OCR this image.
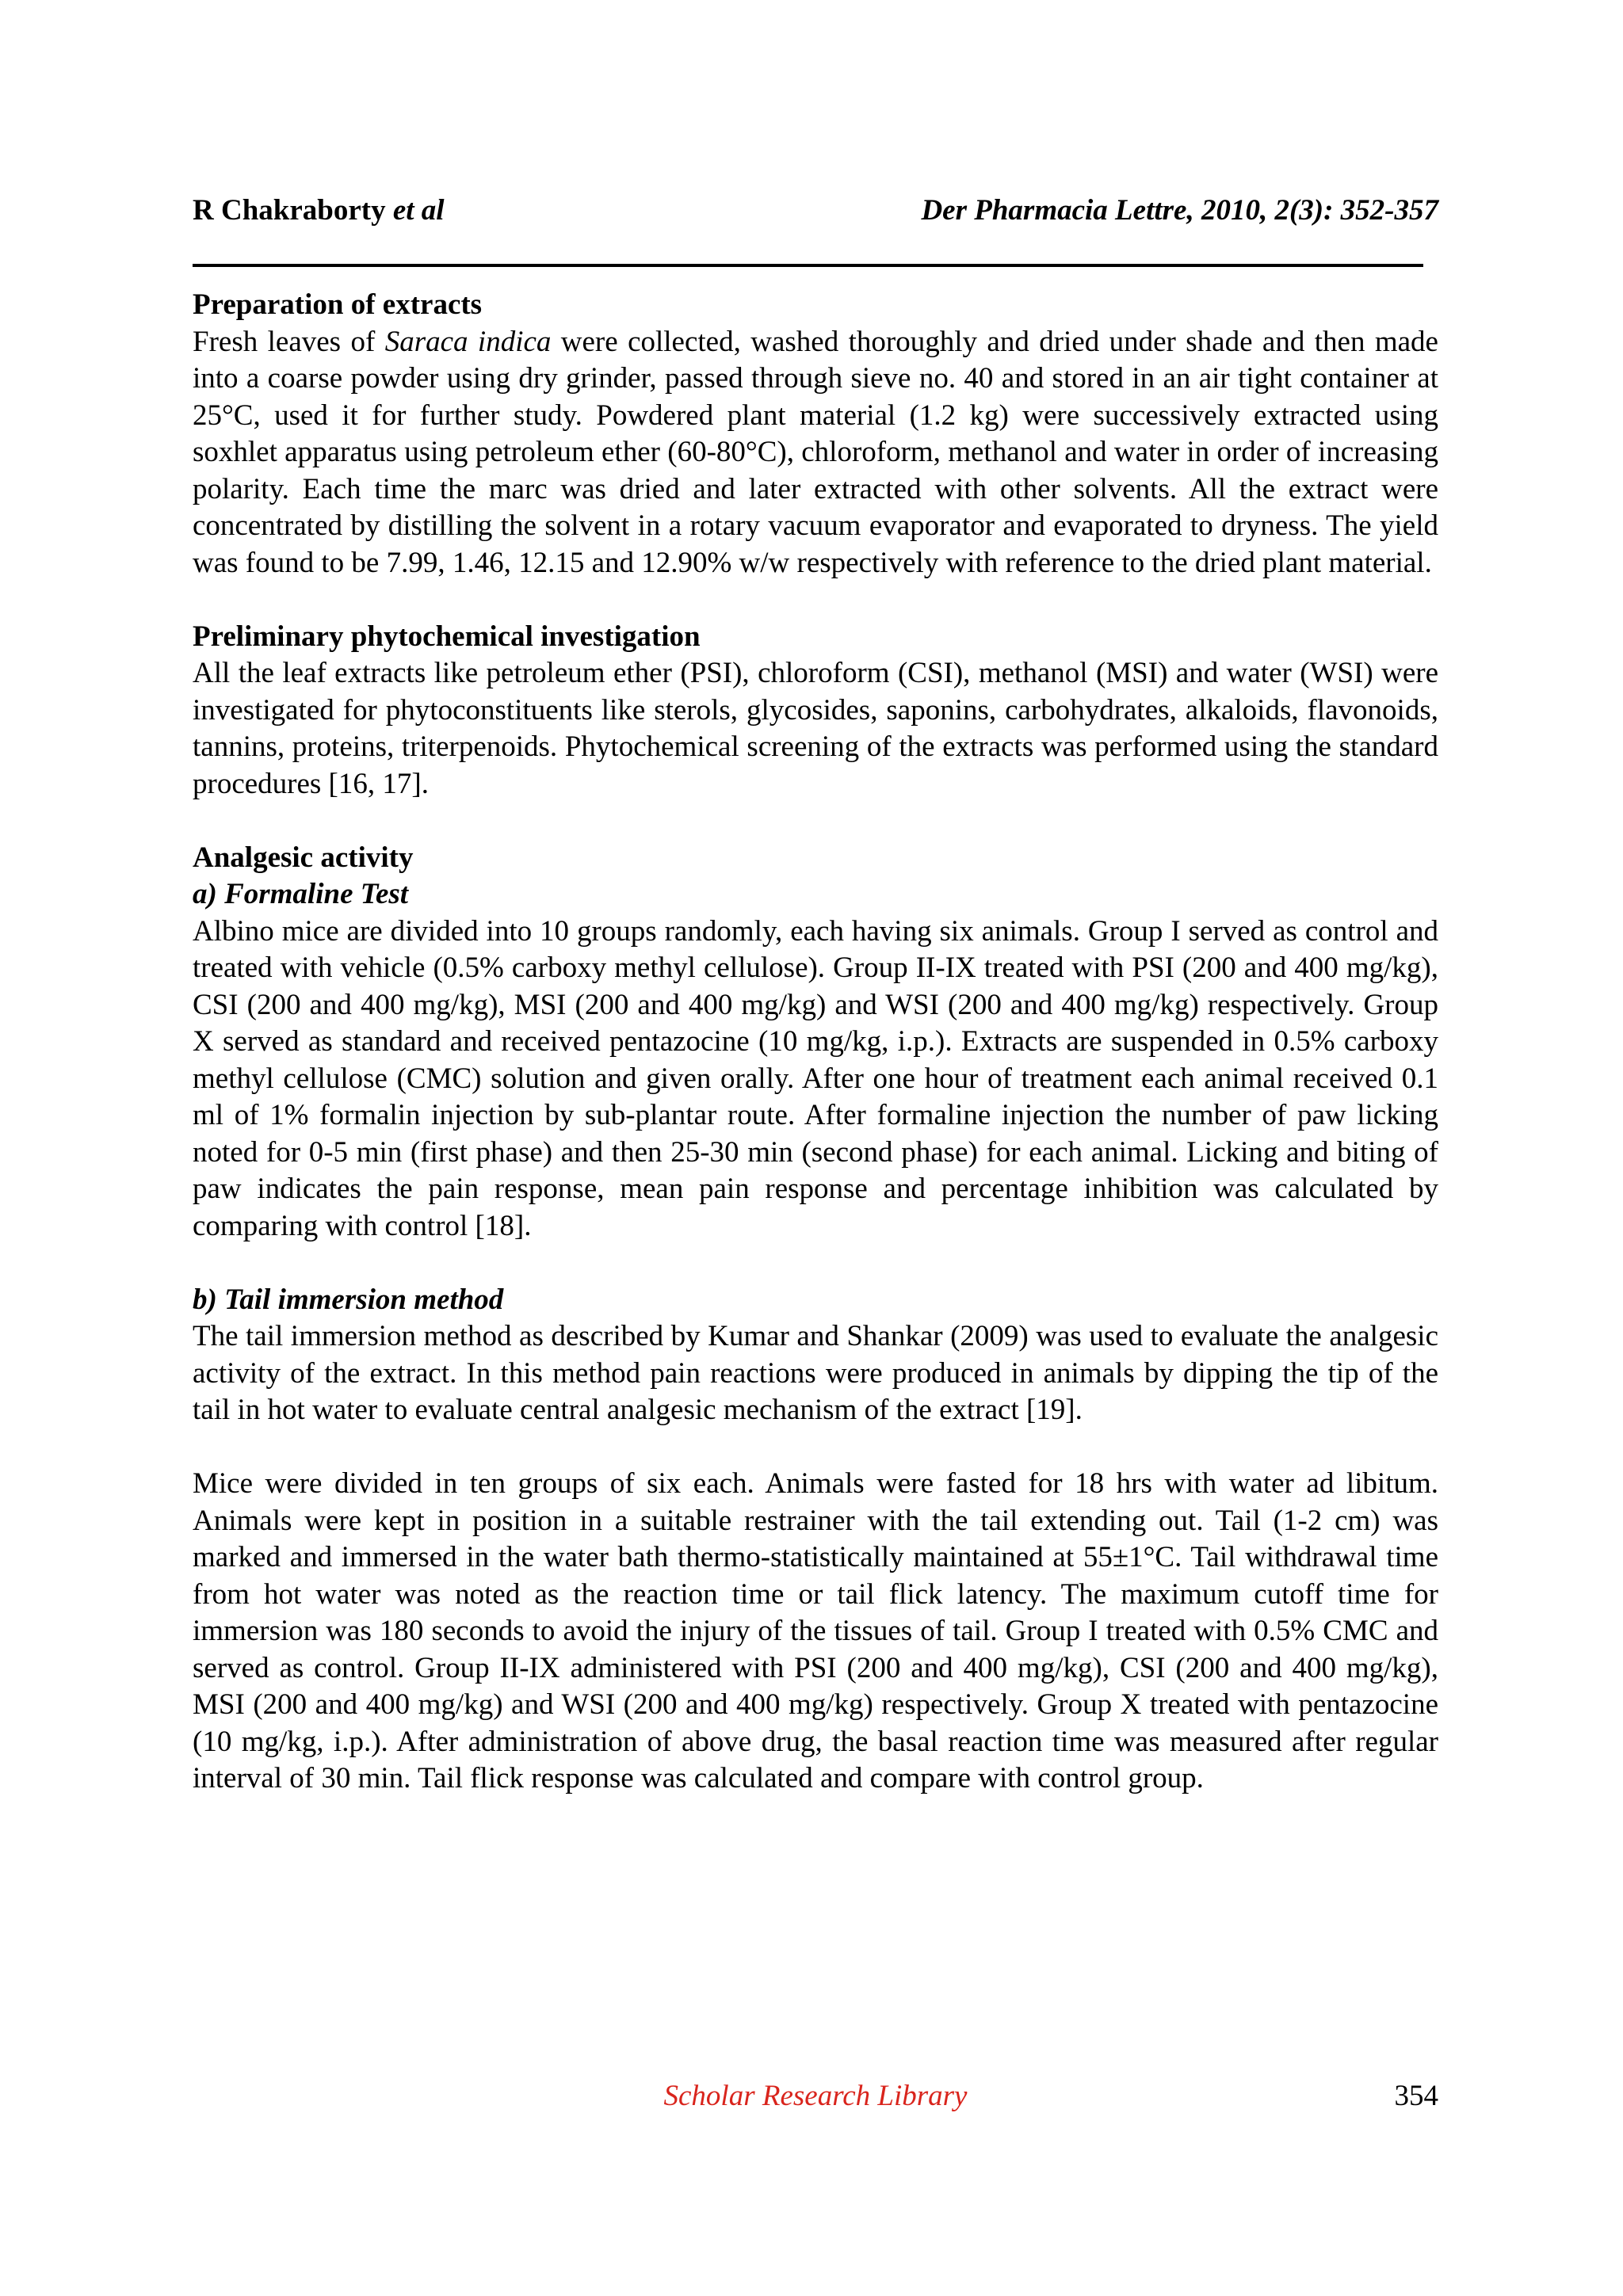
R Chakraborty et al	Der Pharmacia Lettre, 2010, 2(3): 352-357
Preparation of extracts

Fresh leaves of Saraca indica were collected, washed thoroughly and dried under shade and then made into a coarse powder using dry grinder, passed through sieve no. 40 and stored in an air tight container at 25°C, used it for further study. Powdered plant material (1.2 kg) were successively extracted using soxhlet apparatus using petroleum ether (60-80°C), chloroform, methanol and water in order of increasing polarity. Each time the marc was dried and later extracted with other solvents. All the extract were concentrated by distilling the solvent in a rotary vacuum evaporator and evaporated to dryness. The yield was found to be 7.99, 1.46, 12.15 and 12.90% w/w respectively with reference to the dried plant material.

Preliminary phytochemical investigation

All the leaf extracts like petroleum ether (PSI), chloroform (CSI), methanol (MSI) and water (WSI) were investigated for phytoconstituents like sterols, glycosides, saponins, carbohydrates, alkaloids, flavonoids, tannins, proteins, triterpenoids. Phytochemical screening of the extracts was performed using the standard procedures [16, 17].

Analgesic activity
a) Formaline Test

Albino mice are divided into 10 groups randomly, each having six animals. Group I served as control and treated with vehicle (0.5% carboxy methyl cellulose). Group II-IX treated with PSI (200 and 400 mg/kg), CSI (200 and 400 mg/kg), MSI (200 and 400 mg/kg) and WSI (200 and 400 mg/kg) respectively. Group X served as standard and received pentazocine (10 mg/kg, i.p.). Extracts are suspended in 0.5% carboxy methyl cellulose (CMC) solution and given orally. After one hour of treatment each animal received 0.1 ml of 1% formalin injection by sub-plantar route. After formaline injection the number of paw licking noted for 0-5 min (first phase) and then 25-30 min (second phase) for each animal. Licking and biting of paw indicates the pain response, mean pain response and percentage inhibition was calculated by comparing with control [18].

b) Tail immersion method

The tail immersion method as described by Kumar and Shankar (2009) was used to evaluate the analgesic activity of the extract. In this method pain reactions were produced in animals by dipping the tip of the tail in hot water to evaluate central analgesic mechanism of the extract [19].

Mice were divided in ten groups of six each. Animals were fasted for 18 hrs with water ad libitum. Animals were kept in position in a suitable restrainer with the tail extending out. Tail (1-2 cm) was marked and immersed in the water bath thermo-statistically maintained at 55±1°C. Tail withdrawal time from hot water was noted as the reaction time or tail flick latency. The maximum cutoff time for immersion was 180 seconds to avoid the injury of the tissues of tail. Group I treated with 0.5% CMC and served as control. Group II-IX administered with PSI (200 and 400 mg/kg), CSI (200 and 400 mg/kg), MSI (200 and 400 mg/kg) and WSI (200 and 400 mg/kg) respectively. Group X treated with pentazocine (10 mg/kg, i.p.). After administration of above drug, the basal reaction time was measured after regular interval of 30 min. Tail flick response was calculated and compare with control group.

Scholar Research Library	354
